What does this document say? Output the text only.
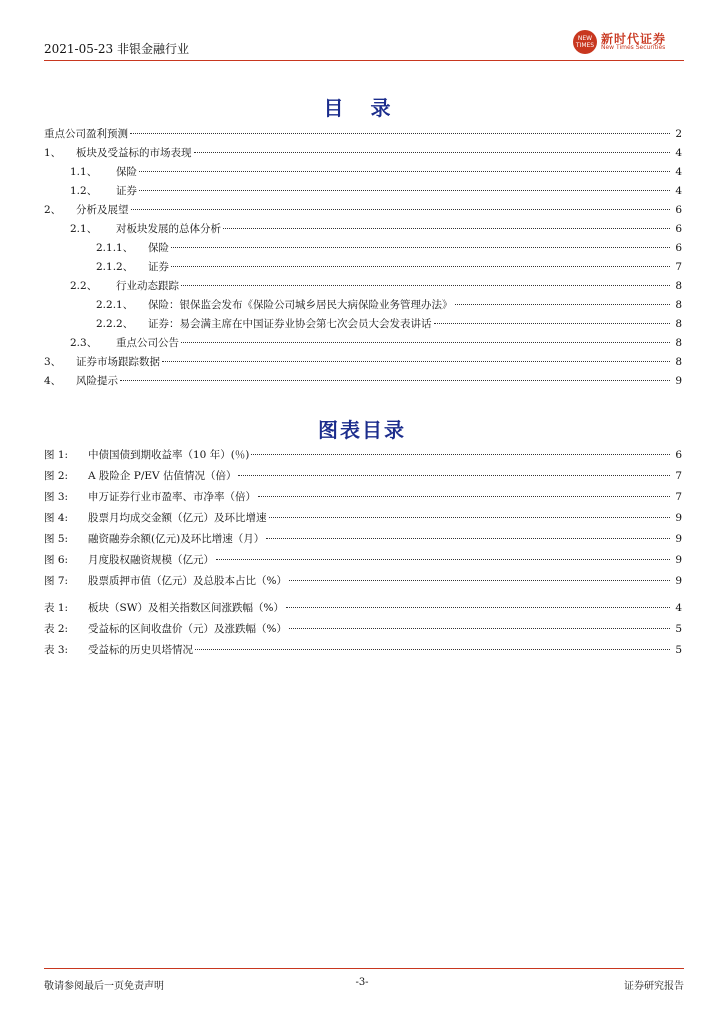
2021-05-23 非银金融行业
NEW TIMES 新时代证券
New Times Securities
目 录
重点公司盈利预测	2
1、	板块及受益标的市场表现	4
1.1、	保险	4
1.2、	证券	4
2、	分析及展望	6
2.1、	对板块发展的总体分析	6
2.1.1、	保险	6
2.1.2、	证券	7
2.2、	行业动态跟踪	8
2.2.1、	保险：银保监会发布《保险公司城乡居民大病保险业务管理办法》	8
2.2.2、	证券：易会满主席在中国证券业协会第七次会员大会发表讲话	8
2.3、	重点公司公告	8
3、	证券市场跟踪数据	8
4、	风险提示	9
图表目录
图 1:	中债国债到期收益率（10 年）(％)	6
图 2:	A 股险企 P/EV 估值情况（倍）	7
图 3:	申万证券行业市盈率、市净率（倍）	7
图 4:	股票月均成交金额（亿元）及环比增速	9
图 5:	融资融券余额(亿元)及环比增速（月）	9
图 6:	月度股权融资规模（亿元）	9
图 7:	股票质押市值（亿元）及总股本占比（%）	9
表 1:	板块（SW）及相关指数区间涨跌幅（%）	4
表 2:	受益标的区间收盘价（元）及涨跌幅（%）	5
表 3:	受益标的历史贝塔情况	5
敬请参阅最后一页免责声明	-3-	证券研究报告
